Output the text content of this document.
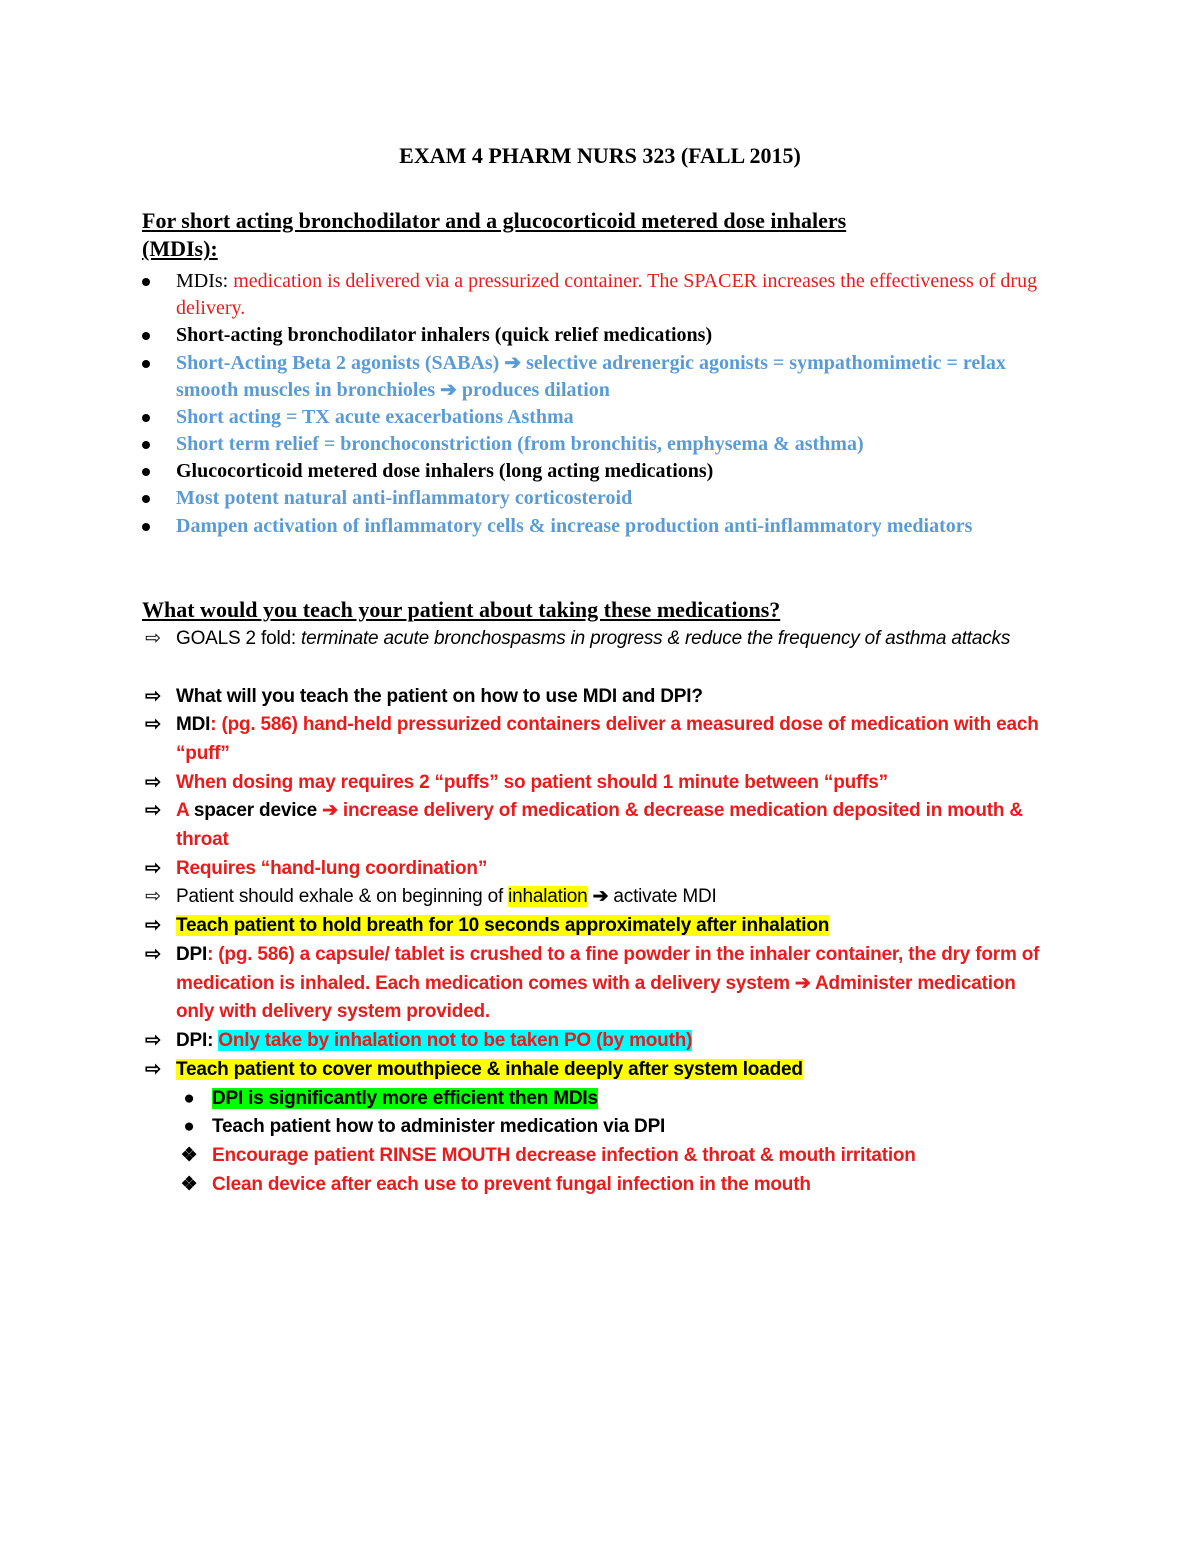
EXAM 4 PHARM NURS 323 (FALL 2015)
For short acting bronchodilator and a glucocorticoid metered dose inhalers
(MDIs):
MDIs: medication is delivered via a pressurized container. The SPACER increases the effectiveness of drug delivery.
Short-acting bronchodilator inhalers (quick relief medications)
Short-Acting Beta 2 agonists (SABAs) ➔ selective adrenergic agonists = sympathomimetic = relax smooth muscles in bronchioles ➔ produces dilation
Short acting = TX acute exacerbations Asthma
Short term relief = bronchoconstriction (from bronchitis, emphysema & asthma)
Glucocorticoid metered dose inhalers (long acting medications)
Most potent natural anti-inflammatory corticosteroid
Dampen activation of inflammatory cells & increase production anti-inflammatory mediators
What would you teach your patient about taking these medications?
⇨ GOALS 2 fold: terminate acute bronchospasms in progress & reduce the frequency of asthma attacks
⇨ What will you teach the patient on how to use MDI and DPI?
⇨ MDI: (pg. 586) hand-held pressurized containers deliver a measured dose of medication with each “puff”
⇨ When dosing may requires 2 “puffs” so patient should 1 minute between “puffs”
⇨ A spacer device ➔ increase delivery of medication & decrease medication deposited in mouth & throat
⇨ Requires “hand-lung coordination”
⇨ Patient should exhale & on beginning of inhalation ➔ activate MDI
⇨ Teach patient to hold breath for 10 seconds approximately after inhalation
⇨ DPI: (pg. 586) a capsule/ tablet is crushed to a fine powder in the inhaler container, the dry form of medication is inhaled. Each medication comes with a delivery system ➔ Administer medication only with delivery system provided.
⇨ DPI: Only take by inhalation not to be taken PO (by mouth)
⇨ Teach patient to cover mouthpiece & inhale deeply after system loaded
● DPI is significantly more efficient then MDIs
● Teach patient how to administer medication via DPI
❖ Encourage patient RINSE MOUTH decrease infection & throat & mouth irritation
❖ Clean device after each use to prevent fungal infection in the mouth
